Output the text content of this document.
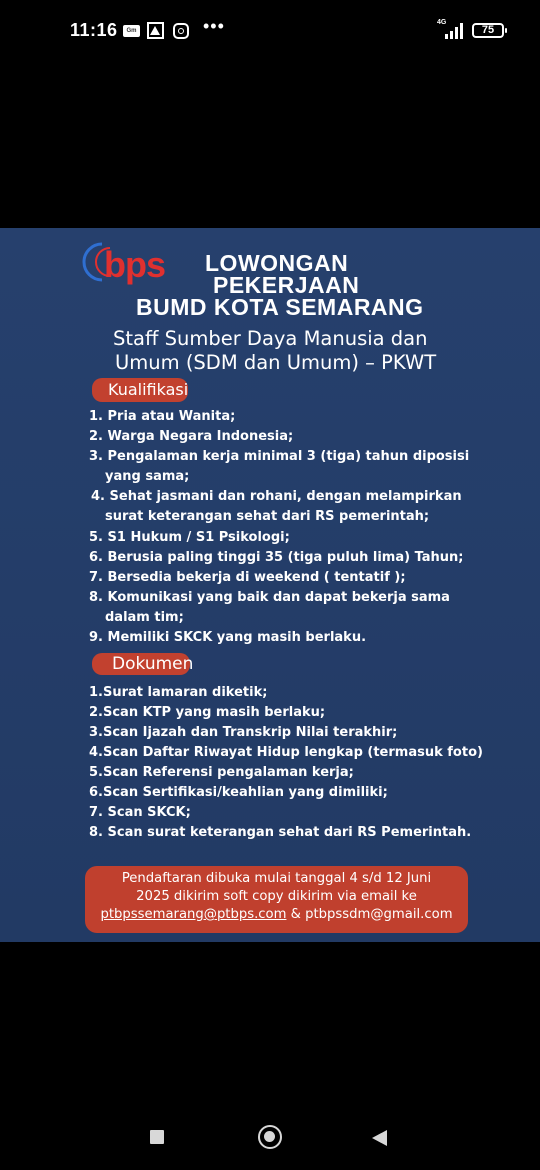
11:16	Gm	•••	4G
75
bps LOWONGAN
PEKERJAAN
BUMD KOTA SEMARANG
Staff Sumber Daya Manusia dan
Umum (SDM dan Umum) – PKWT
Kualifikasi
1. Pria atau Wanita;
2. Warga Negara Indonesia;
3. Pengalaman kerja minimal 3 (tiga) tahun diposisi
yang sama;
4. Sehat jasmani dan rohani, dengan melampirkan
surat keterangan sehat dari RS pemerintah;
5. S1 Hukum / S1 Psikologi;
6. Berusia paling tinggi 35 (tiga puluh lima) Tahun;
7. Bersedia bekerja di weekend ( tentatif );
8. Komunikasi yang baik dan dapat bekerja sama
dalam tim;
9. Memiliki SKCK yang masih berlaku.
Dokumen
1.Surat lamaran diketik;
2.Scan KTP yang masih berlaku;
3.Scan Ijazah dan Transkrip Nilai terakhir;
4.Scan Daftar Riwayat Hidup lengkap (termasuk foto)
5.Scan Referensi pengalaman kerja;
6.Scan Sertifikasi/keahlian yang dimiliki;
7. Scan SKCK;
8. Scan surat keterangan sehat dari RS Pemerintah.
Pendaftaran dibuka mulai tanggal 4 s/d 12 Juni
2025 dikirim soft copy dikirim via email ke
ptbpssemarang@ptbps.com & ptbpssdm@gmail.com
